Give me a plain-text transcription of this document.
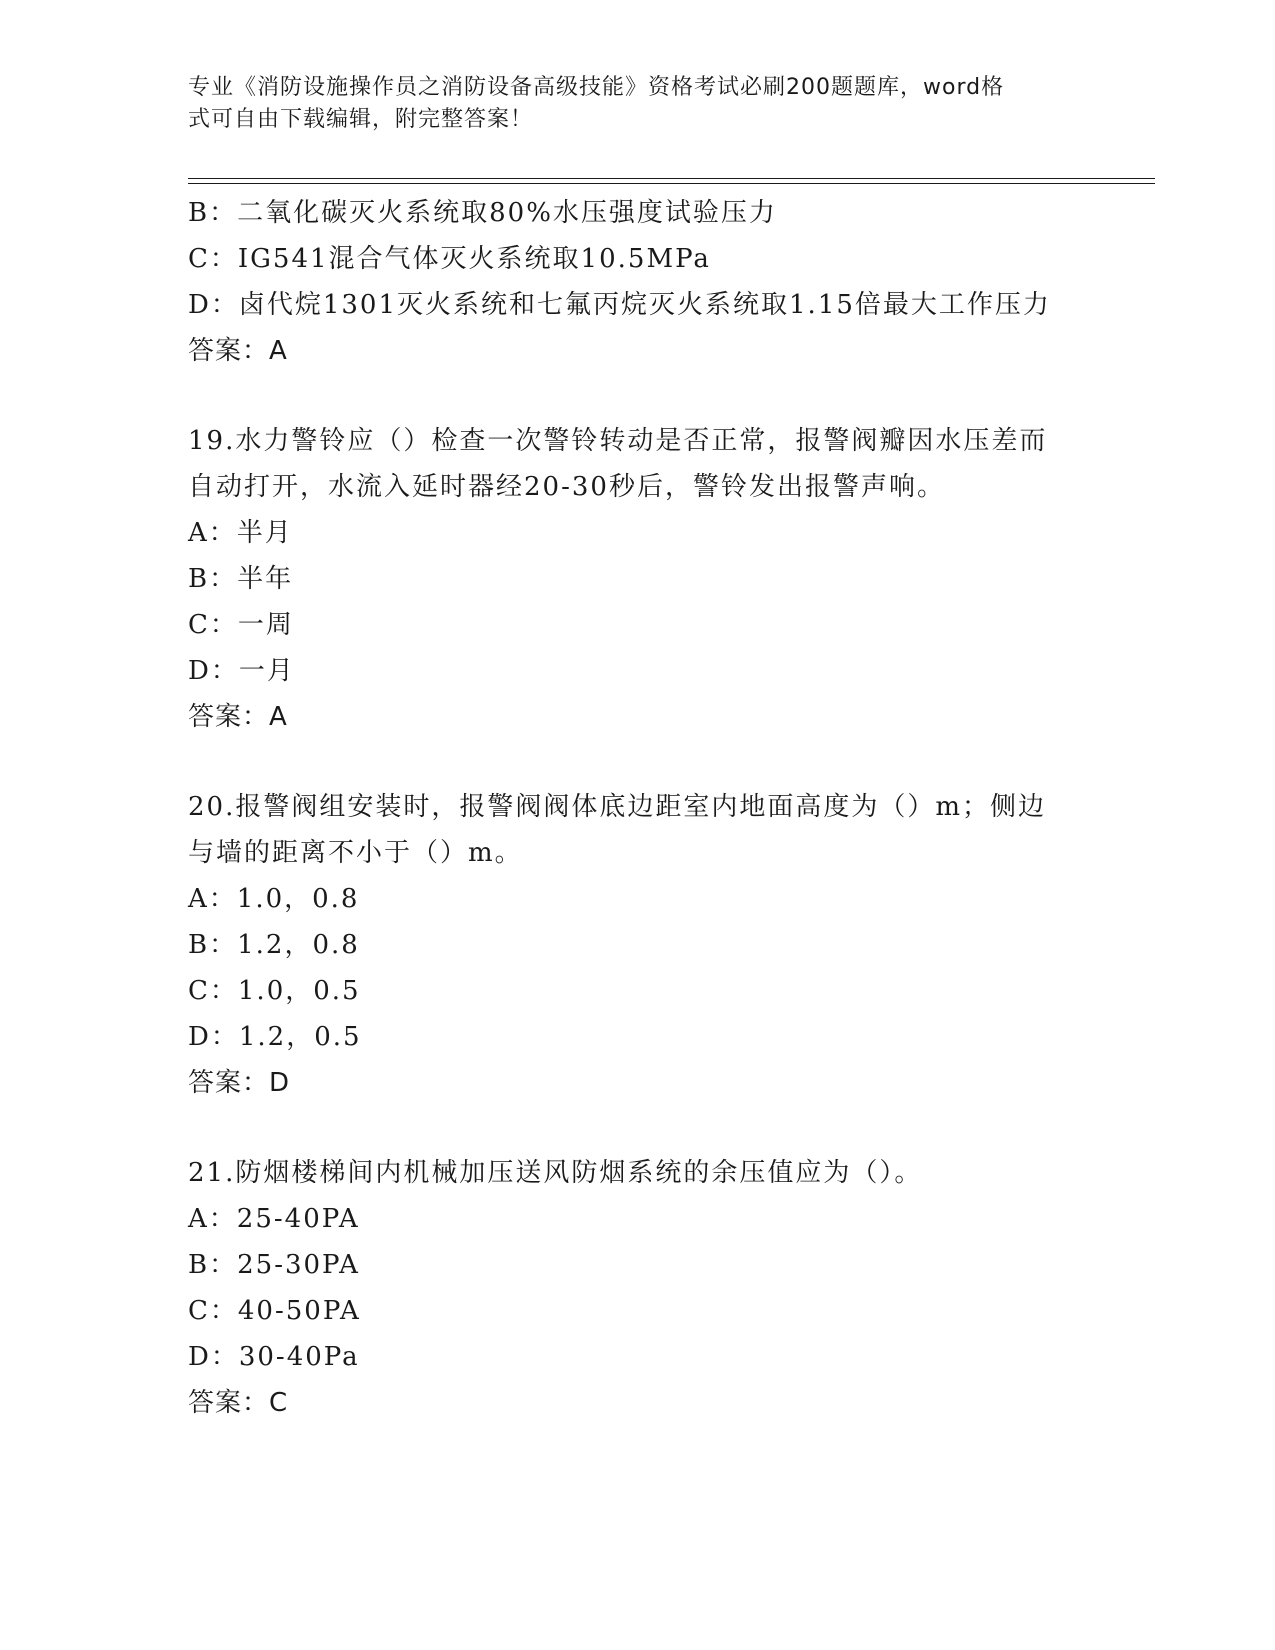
专业《消防设施操作员之消防设备高级技能》资格考试必刷200题题库，word格
式可自由下载编辑，附完整答案！
B：二氧化碳灭火系统取80%水压强度试验压力
C：IG541混合气体灭火系统取10.5MPa
D：卤代烷1301灭火系统和七氟丙烷灭火系统取1.15倍最大工作压力
答案：A
19.水力警铃应（）检查一次警铃转动是否正常，报警阀瓣因水压差而
自动打开，水流入延时器经20-30秒后，警铃发出报警声响。
A：半月
B：半年
C：一周
D：一月
答案：A
20.报警阀组安装时，报警阀阀体底边距室内地面高度为（）m；侧边
与墙的距离不小于（）m。
A：1.0，0.8
B：1.2，0.8
C：1.0，0.5
D：1.2，0.5
答案：D
21.防烟楼梯间内机械加压送风防烟系统的余压值应为（）。
A：25-40PA
B：25-30PA
C：40-50PA
D：30-40Pa
答案：C
